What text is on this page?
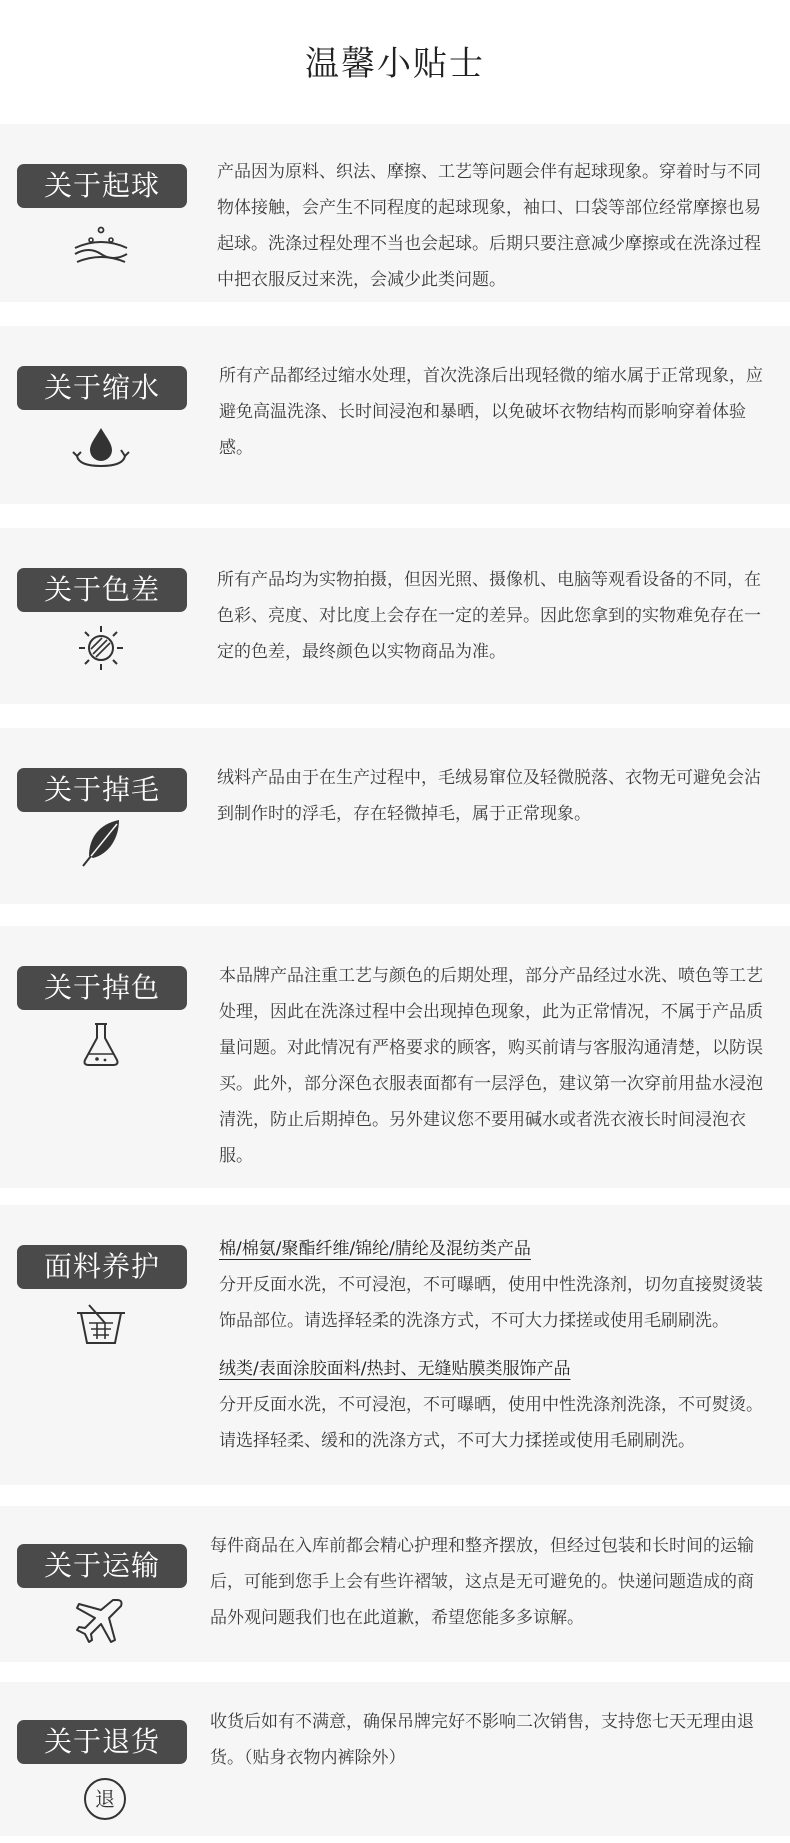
温馨小贴士
关于起球	产品因为原料、织法、摩擦、工艺等问题会伴有起球现象。穿着时与不同物体接触，会产生不同程度的起球现象，袖口、口袋等部位经常摩擦也易起球。洗涤过程处理不当也会起球。后期只要注意减少摩擦或在洗涤过程中把衣服反过来洗，会减少此类问题。

关于缩水	所有产品都经过缩水处理，首次洗涤后出现轻微的缩水属于正常现象，应避免高温洗涤、长时间浸泡和暴晒，以免破坏衣物结构而影响穿着体验感。

关于色差	所有产品均为实物拍摄，但因光照、摄像机、电脑等观看设备的不同，在色彩、亮度、对比度上会存在一定的差异。因此您拿到的实物难免存在一定的色差，最终颜色以实物商品为准。

关于掉毛	绒料产品由于在生产过程中，毛绒易窜位及轻微脱落、衣物无可避免会沾到制作时的浮毛，存在轻微掉毛，属于正常现象。

关于掉色	本品牌产品注重工艺与颜色的后期处理，部分产品经过水洗、喷色等工艺处理，因此在洗涤过程中会出现掉色现象，此为正常情况，不属于产品质量问题。对此情况有严格要求的顾客，购买前请与客服沟通清楚，以防误买。此外，部分深色衣服表面都有一层浮色，建议第一次穿前用盐水浸泡清洗，防止后期掉色。另外建议您不要用碱水或者洗衣液长时间浸泡衣服。

面料养护

棉/棉氨/聚酯纤维/锦纶/腈纶及混纺类产品

分开反面水洗，不可浸泡，不可曝晒，使用中性洗涤剂，切勿直接熨烫装饰品部位。请选择轻柔的洗涤方式，不可大力揉搓或使用毛刷刷洗。

绒类/表面涂胶面料/热封、无缝贴膜类服饰产品

分开反面水洗，不可浸泡，不可曝晒，使用中性洗涤剂洗涤，不可熨烫。请选择轻柔、缓和的洗涤方式，不可大力揉搓或使用毛刷刷洗。

关于运输

每件商品在入库前都会精心护理和整齐摆放，但经过包装和长时间的运输后，可能到您手上会有些许褶皱，这点是无可避免的。快递问题造成的商品外观问题我们也在此道歉，希望您能多多谅解。

关于退货
退

收货后如有不满意，确保吊牌完好不影响二次销售，支持您七天无理由退货。（贴身衣物内裤除外）
